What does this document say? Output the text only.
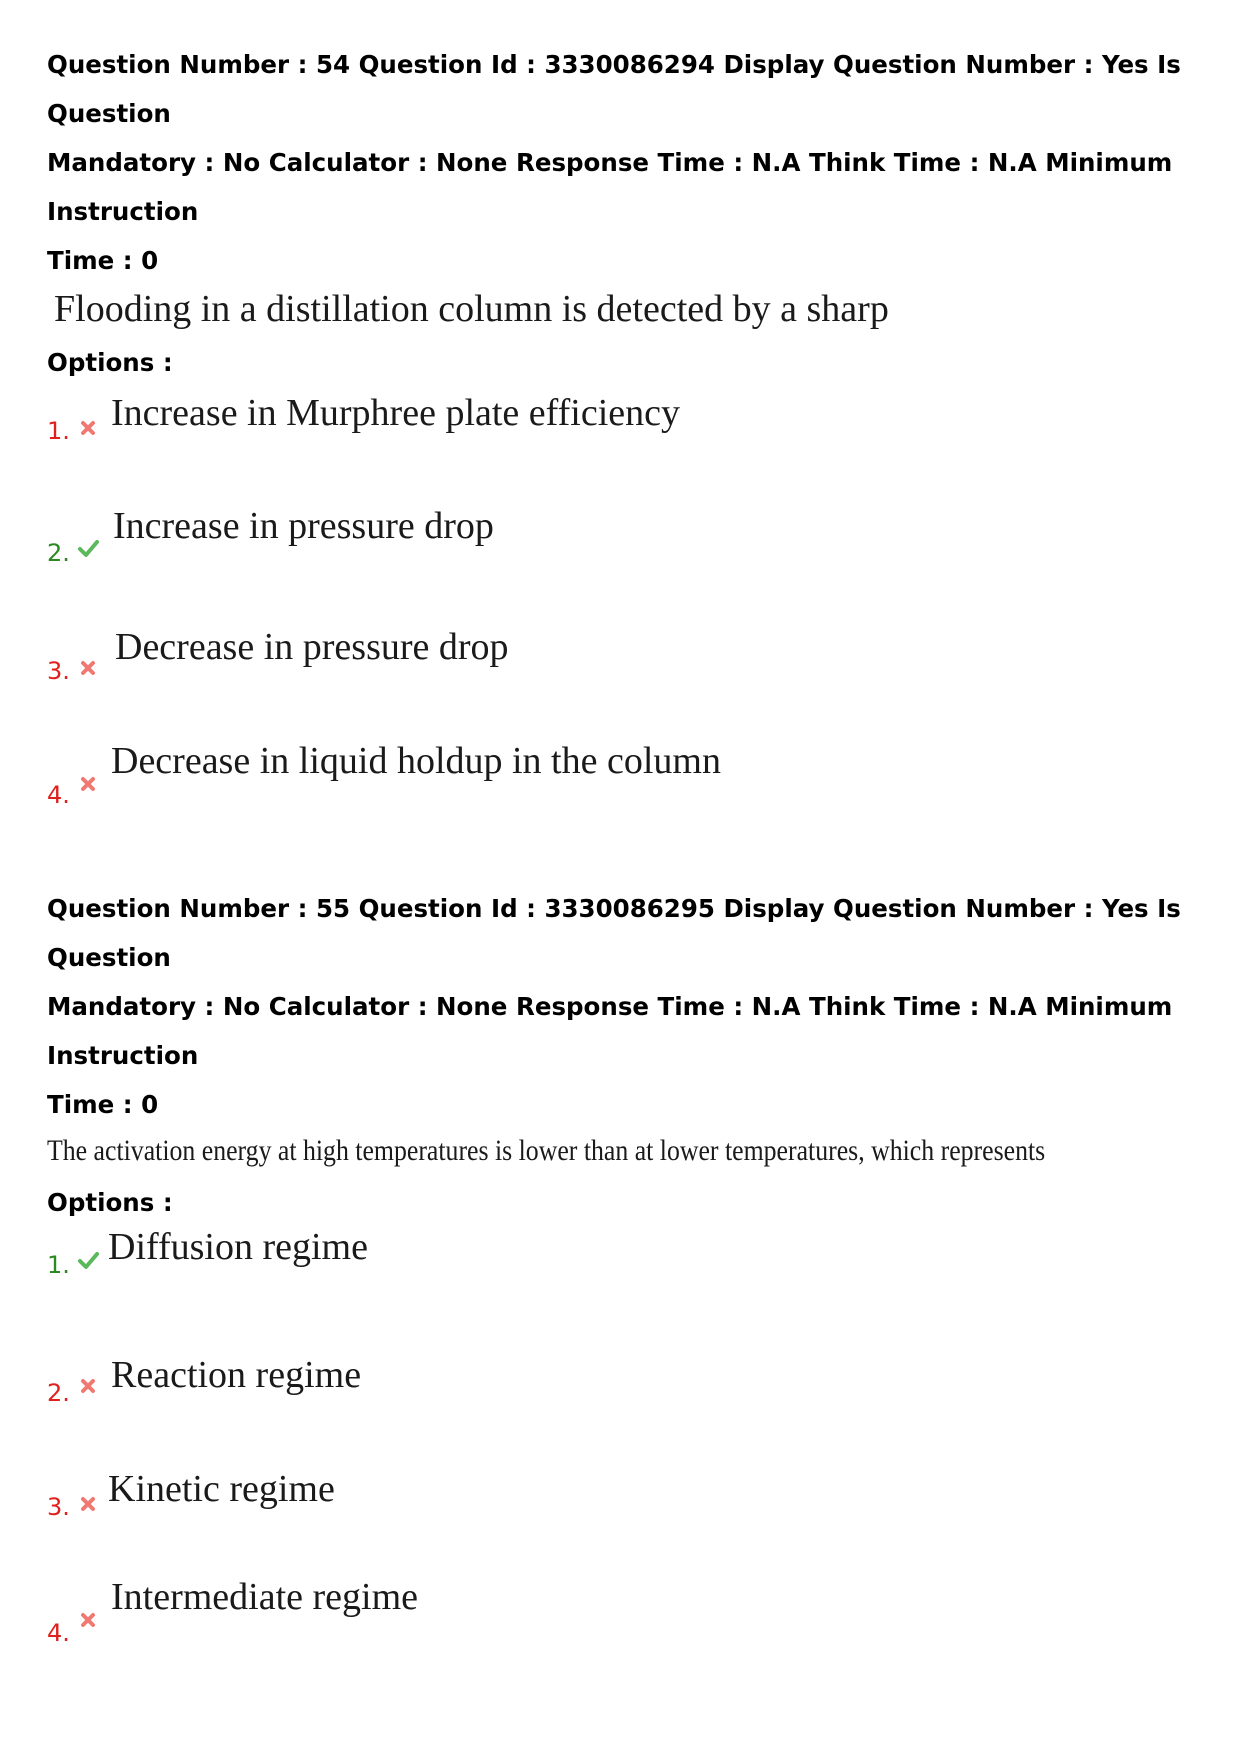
Question Number : 54 Question Id : 3330086294 Display Question Number : Yes Is Question

Mandatory : No Calculator : None Response Time : N.A Think Time : N.A Minimum Instruction

Time : 0

Flooding in a distillation column is detected by a sharp

Options :

1. Increase in Murphree plate efficiency
2.
Increase in pressure drop
3.
Decrease in pressure drop
4.
Decrease in liquid holdup in the column

Question Number : 55 Question Id : 3330086295 Display Question Number : Yes Is Question

Mandatory : No Calculator : None Response Time : N.A Think Time : N.A Minimum Instruction

Time : 0

The activation energy at high temperatures is lower than at lower temperatures, which represents

Options :

1. Diffusion regime
2. Reaction regime
3. Kinetic regime
4.
Intermediate regime
